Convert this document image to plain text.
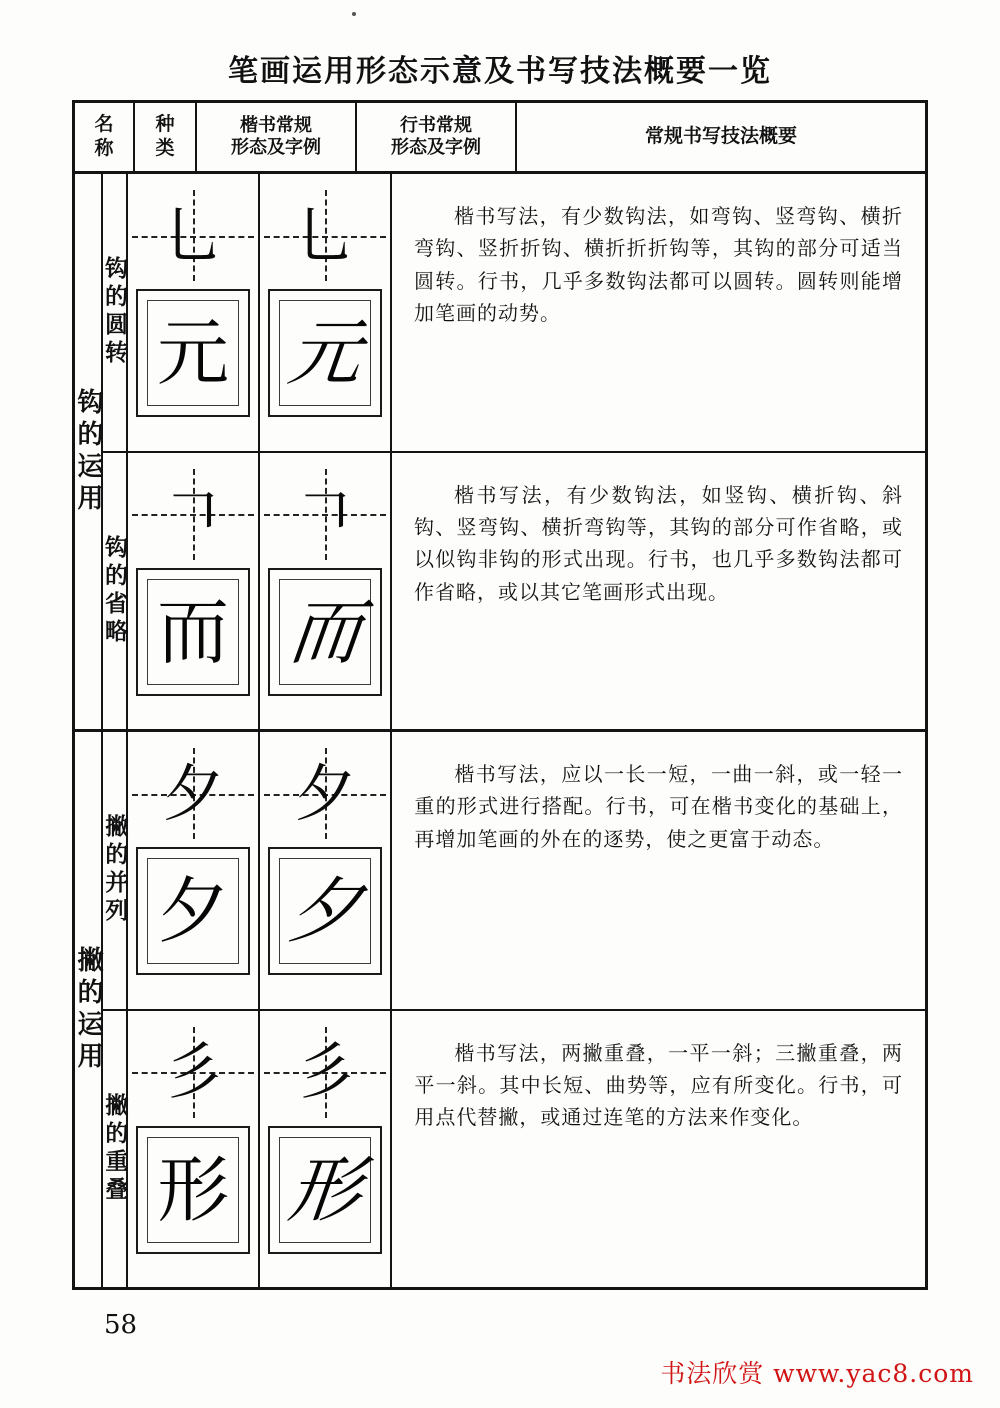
笔画运用形态示意及书写技法概要一览
名
称
种
类
楷书常规
形态及字例
行书常规
形态及字例
常规书写技法概要
钩的运用
钩的圆转
乚
元
乚
元
楷书写法，有少数钩法，如弯钩、竖弯钩、横折弯钩、竖折折钩、横折折折钩等，其钩的部分可适当圆转。行书，几乎多数钩法都可以圆转。圆转则能增加笔画的动势。
钩的省略
𠃍
而
𠃍
而
楷书写法，有少数钩法，如竖钩、横折钩、斜钩、竖弯钩、横折弯钩等，其钩的部分可作省略，或以似钩非钩的形式出现。行书，也几乎多数钩法都可作省略，或以其它笔画形式出现。
撇的运用
撇的并列
夕
夕
夕
夕
楷书写法，应以一长一短，一曲一斜，或一轻一重的形式进行搭配。行书，可在楷书变化的基础上，再增加笔画的外在的逐势，使之更富于动态。
撇的重叠
彡
形
彡
形
楷书写法，两撇重叠，一平一斜；三撇重叠，两平一斜。其中长短、曲势等，应有所变化。行书，可用点代替撇，或通过连笔的方法来作变化。
58
书法欣赏 www.yac8.com
